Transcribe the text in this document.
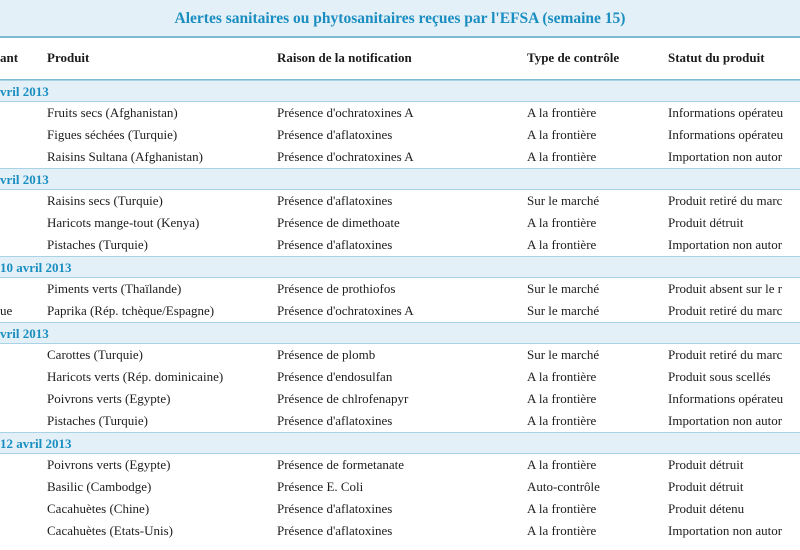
Alertes sanitaires ou phytosanitaires reçues par l'EFSA (semaine 15)
ant Produit	Raison de la notification	Type de contrôle	Statut du produit
vril 2013
Fruits secs (Afghanistan)	Présence d'ochratoxines A	A la frontière	Informations opérateu
Figues séchées (Turquie)	Présence d'aflatoxines	A la frontière	Informations opérateu
Raisins Sultana (Afghanistan)	Présence d'ochratoxines A	A la frontière	Importation non autor
vril 2013
Raisins secs (Turquie)	Présence d'aflatoxines	Sur le marché	Produit retiré du marc
Haricots mange-tout (Kenya)	Présence de dimethoate	A la frontière	Produit détruit
Pistaches (Turquie)	Présence d'aflatoxines	A la frontière	Importation non autor
10 avril 2013
Piments verts (Thaïlande)	Présence de prothiofos	Sur le marché	Produit absent sur le r
ue	Paprika (Rép. tchèque/Espagne)	Présence d'ochratoxines A	Sur le marché	Produit retiré du marc
vril 2013
Carottes (Turquie)	Présence de plomb	Sur le marché	Produit retiré du marc
Haricots verts (Rép. dominicaine)	Présence d'endosulfan	A la frontière	Produit sous scellés
Poivrons verts (Egypte)	Présence de chlrofenapyr	A la frontière	Informations opérateu
Pistaches (Turquie)	Présence d'aflatoxines	A la frontière	Importation non autor
12 avril 2013
Poivrons verts (Egypte)	Présence de formetanate	A la frontière	Produit détruit
Basilic (Cambodge)	Présence E. Coli	Auto-contrôle	Produit détruit
Cacahuètes (Chine)	Présence d'aflatoxines	A la frontière	Produit détenu
Cacahuètes (Etats-Unis)	Présence d'aflatoxines	A la frontière	Importation non autor
